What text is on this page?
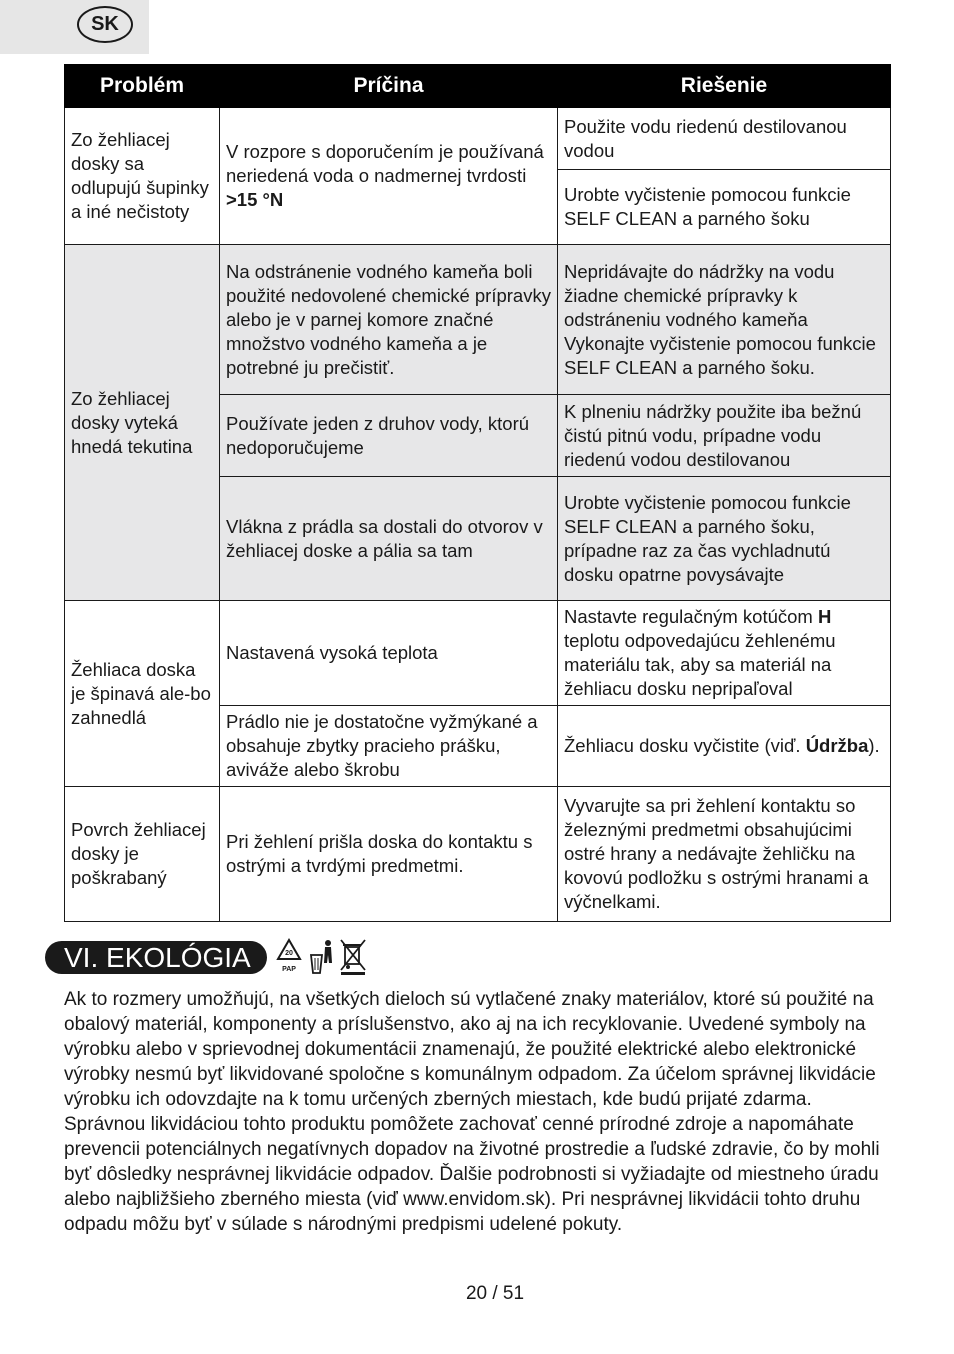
SK
Problém	Príčina	Riešenie
Zo žehliacej dosky sa odlupujú šupinky a iné nečistoty	V rozpore s doporučením je používaná neriedená voda o nadmernej tvrdosti >15 °N	Použite vodu riedenú destilovanou vodou
		Urobte vyčistenie pomocou funkcie SELF CLEAN a parného šoku
Zo žehliacej dosky vyteká hnedá tekutina	Na odstránenie vodného kameňa boli použité nedovolené chemické prípravky alebo je v parnej komore značné množstvo vodného kameňa a je potrebné ju prečistiť.	Nepridávajte do nádržky na vodu žiadne chemické prípravky k odstráneniu vodného kameňa Vykonajte vyčistenie pomocou funkcie SELF CLEAN a parného šoku.
	Používate jeden z druhov vody, ktorú nedoporučujeme	K plneniu nádržky použite iba bežnú čistú pitnú vodu, prípadne vodu riedenú vodou destilovanou
	Vlákna z prádla sa dostali do otvorov v žehliacej doske a pália sa tam	Urobte vyčistenie pomocou funkcie SELF CLEAN a parného šoku, prípadne raz za čas vychladnutú dosku opatrne povysávajte
Žehliaca doska je špinavá ale-bo zahnedlá	Nastavená vysoká teplota	Nastavte regulačným kotúčom H teplotu odpovedajúcu žehlenému materiálu tak, aby sa materiál na žehliacu dosku nepripaľoval
	Prádlo nie je dostatočne vyžmýkané a obsahuje zbytky pracieho prášku, aviváže alebo škrobu	Žehliacu dosku vyčistite (viď. Údržba).
Povrch žehliacej dosky je poškrabaný	Pri žehlení prišla doska do kontaktu s ostrými a tvrdými predmetmi.	Vyvarujte sa pri žehlení kontaktu so železnými predmetmi obsahujúcimi ostré hrany a nedávajte žehličku na kovovú podložku s ostrými hranami a výčnelkami.
VI. EKOLÓGIA	20
PAP

Ak to rozmery umožňujú, na všetkých dieloch sú vytlačené znaky materiálov, ktoré sú použité na obalový materiál, komponenty a príslušenstvo, ako aj na ich recyklovanie. Uvedené symboly na výrobku alebo v sprievodnej dokumentácii znamenajú, že použité elektrické alebo elektronické výrobky nesmú byť likvidované spoločne s komunálnym odpadom. Za účelom správnej likvidácie výrobku ich odovzdajte na k tomu určených zberných miestach, kde budú prijaté zdarma. Správnou likvidáciou tohto produktu pomôžete zachovať cenné prírodné zdroje a napomáhate prevencii potenciálnych negatívnych dopadov na životné prostredie a ľudské zdravie, čo by mohli byť dôsledky nesprávnej likvidácie odpadov. Ďalšie podrobnosti si vyžiadajte od miestneho úradu alebo najbližšieho zberného miesta (viď www.envidom.sk). Pri nesprávnej likvidácii tohto druhu odpadu môžu byť v súlade s národnými predpismi udelené pokuty.

20 / 51
